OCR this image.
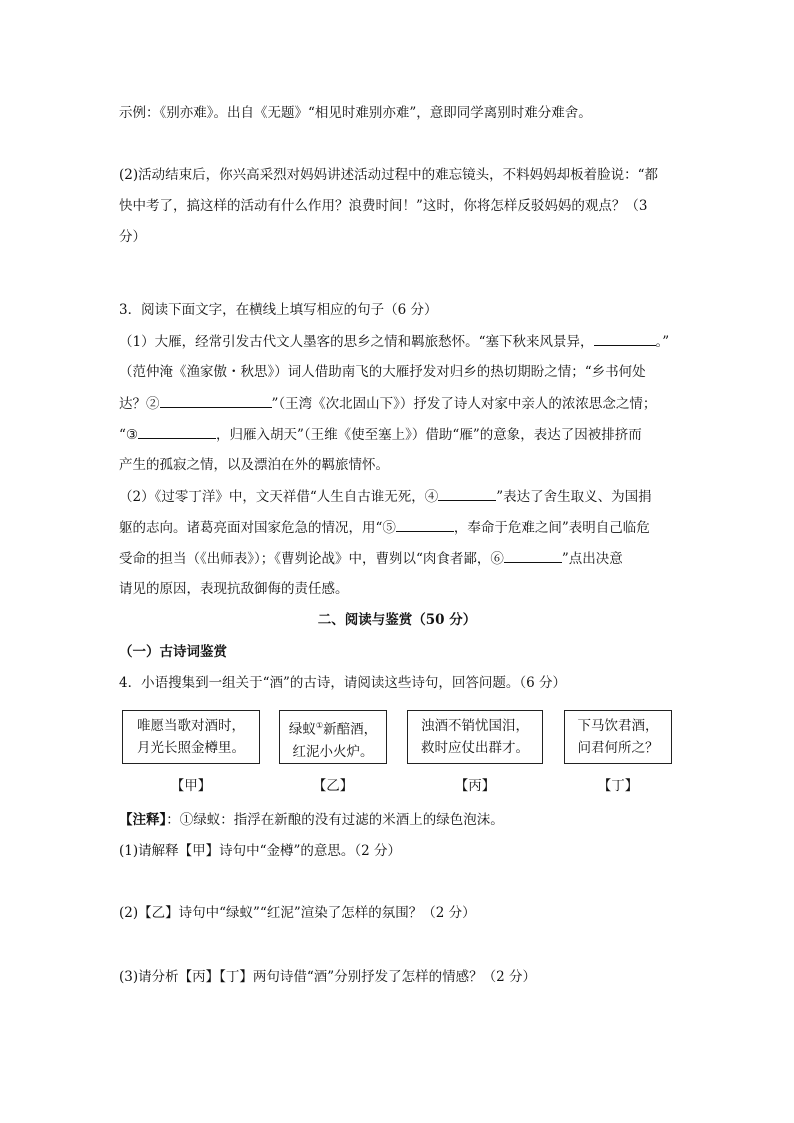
示例：《别亦难》。出自《无题》“相见时难别亦难”，意即同学离别时难分难舍。
(2)活动结束后，你兴高采烈对妈妈讲述活动过程中的难忘镜头，不料妈妈却板着脸说：“都
快中考了，搞这样的活动有什么作用？浪费时间！”这时，你将怎样反驳妈妈的观点？（3
分）
3．阅读下面文字，在横线上填写相应的句子（6 分）
（1）大雁，经常引发古代文人墨客的思乡之情和羁旅愁怀。“塞下秋来风景异，	。”
（范仲淹《渔家傲・秋思》）词人借助南飞的大雁抒发对归乡的热切期盼之情；“乡书何处
达？②	”（王湾《次北固山下》）抒发了诗人对家中亲人的浓浓思念之情；
“③	，归雁入胡天”（王维《使至塞上》）借助“雁”的意象，表达了因被排挤而
产生的孤寂之情，以及漂泊在外的羁旅情怀。
（2）《过零丁洋》中，文天祥借“人生自古谁无死，④	”表达了舍生取义、为国捐
躯的志向。诸葛亮面对国家危急的情况，用“⑤	，奉命于危难之间”表明自己临危
受命的担当（《出师表》）；《曹刿论战》中，曹刿以“肉食者鄙，⑥	”点出决意
请见的原因，表现抗敌御侮的责任感。
二、阅读与鉴赏（50 分）
（一）古诗词鉴赏
4．小语搜集到一组关于“酒”的古诗，请阅读这些诗句，回答问题。（6 分）
唯愿当歌对酒时，
月光长照金樽里。
绿蚁①新醅酒，
红泥小火炉。
浊酒不销忧国泪，
救时应仗出群才。
下马饮君酒，
问君何所之？
【甲】	【乙】	【丙】	【丁】
【注释】：①绿蚁：指浮在新酿的没有过滤的米酒上的绿色泡沫。
(1)请解释【甲】诗句中“金樽”的意思。（2 分）
(2)【乙】诗句中“绿蚁”“红泥”渲染了怎样的氛围？（2 分）
(3)请分析【丙】【丁】两句诗借“酒”分别抒发了怎样的情感？（2 分）
